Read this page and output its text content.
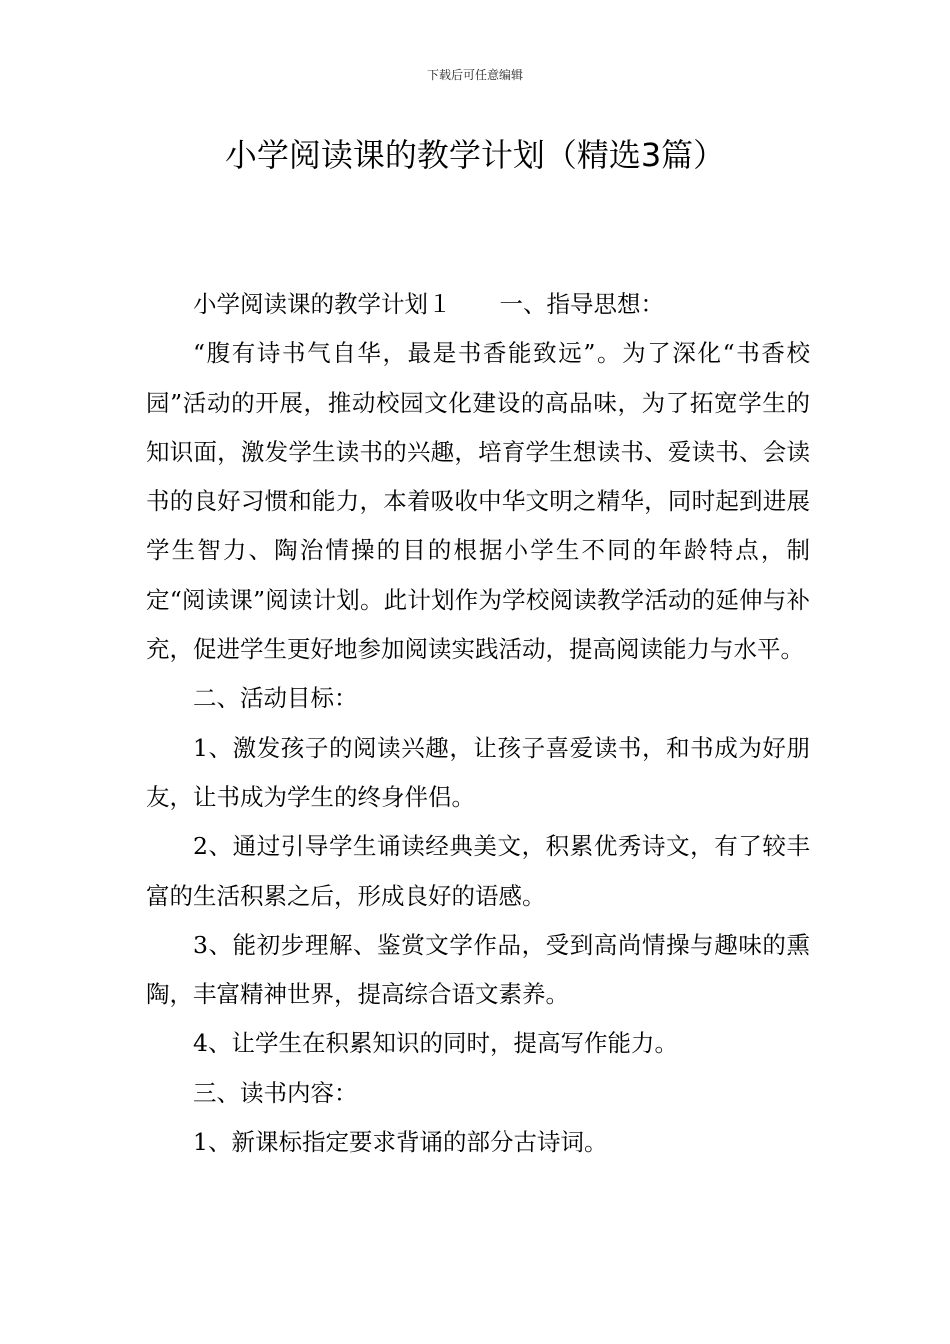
下载后可任意编辑
小学阅读课的教学计划（精选3篇）

小学阅读课的教学计划１ 一、指导思想：

“腹有诗书气自华，最是书香能致远”。为了深化“书香校园”活动的开展，推动校园文化建设的高品味，为了拓宽学生的知识面，激发学生读书的兴趣，培育学生想读书、爱读书、会读书的良好习惯和能力，本着吸收中华文明之精华，同时起到进展学生智力、陶治情操的目的根据小学生不同的年龄特点，制定“阅读课”阅读计划。此计划作为学校阅读教学活动的延伸与补充，促进学生更好地参加阅读实践活动，提高阅读能力与水平。

二、活动目标：

1、激发孩子的阅读兴趣，让孩子喜爱读书，和书成为好朋友，让书成为学生的终身伴侣。

2、通过引导学生诵读经典美文，积累优秀诗文，有了较丰富的生活积累之后，形成良好的语感。

3、能初步理解、鉴赏文学作品，受到高尚情操与趣味的熏陶，丰富精神世界，提高综合语文素养。

4、让学生在积累知识的同时，提高写作能力。

三、读书内容：

1、新课标指定要求背诵的部分古诗词。
